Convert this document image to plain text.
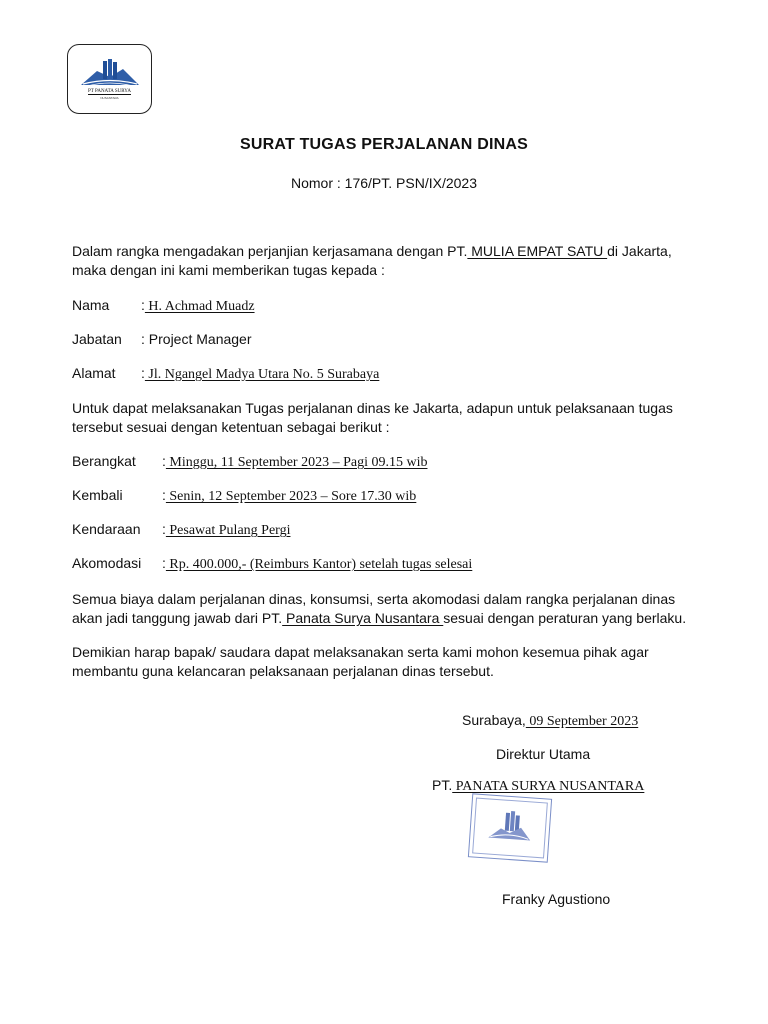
PT PANATA SURYA
NUSANTARA
SURAT TUGAS PERJALANAN DINAS
Nomor : 176/PT. PSN/IX/2023
Dalam rangka mengadakan perjanjian kerjasamana dengan PT. MULIA EMPAT SATU di Jakarta,
maka dengan ini kami memberikan tugas kepada :
Nama : H. Achmad Muadz
Jabatan : Project Manager
Alamat : Jl. Ngangel Madya Utara No. 5 Surabaya
Untuk dapat melaksanakan Tugas perjalanan dinas ke Jakarta, adapun untuk pelaksanaan tugas
tersebut sesuai dengan ketentuan sebagai berikut :
Berangkat : Minggu, 11 September 2023 – Pagi 09.15 wib
Kembali	: Senin, 12 September 2023 – Sore 17.30 wib
Kendaraan : Pesawat Pulang Pergi
Akomodasi : Rp. 400.000,- (Reimburs Kantor) setelah tugas selesai
Semua biaya dalam perjalanan dinas, konsumsi, serta akomodasi dalam rangka perjalanan dinas
akan jadi tanggung jawab dari PT. Panata Surya Nusantara sesuai dengan peraturan yang berlaku.
Demikian harap bapak/ saudara dapat melaksanakan serta kami mohon kesemua pihak agar
membantu guna kelancaran pelaksanaan perjalanan dinas tersebut.
Surabaya, 09 September 2023
Direktur Utama
PT. PANATA SURYA NUSANTARA
Franky Agustiono
